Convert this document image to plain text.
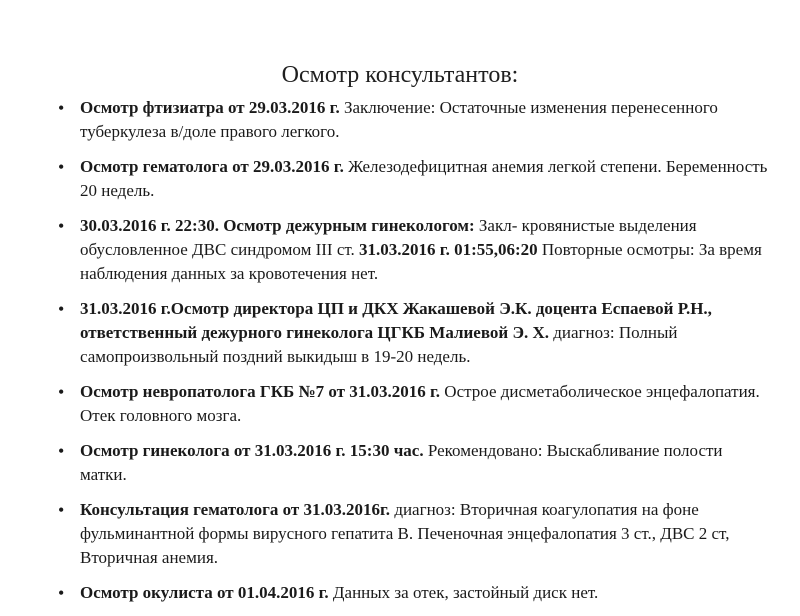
Осмотр консультантов:
• Осмотр фтизиатра от 29.03.2016 г. Заключение: Остаточные изменения перенесенного туберкулеза в/доле правого легкого.
• Осмотр гематолога от 29.03.2016 г. Железодефицитная анемия легкой степени. Беременность 20 недель.
• 30.03.2016 г. 22:30. Осмотр дежурным гинекологом: Закл- кровянистые выделения обусловленное ДВС синдромом III ст. 31.03.2016 г. 01:55,06:20 Повторные осмотры: За время наблюдения данных за кровотечения нет.
• 31.03.2016 г.Осмотр директора ЦП и ДКХ Жакашевой Э.К. доцента Еспаевой Р.Н., ответственный дежурного гинеколога ЦГКБ Малиевой Э. Х. диагноз: Полный самопроизвольный поздний выкидыш в 19-20 недель.
• Осмотр невропатолога ГКБ №7 от 31.03.2016 г. Острое дисметаболическое энцефалопатия. Отек головного мозга.
• Осмотр гинеколога от 31.03.2016 г. 15:30 час. Рекомендовано: Выскабливание полости матки.
• Консультация гематолога от 31.03.2016г. диагноз: Вторичная коагулопатия на фоне фульминантной формы вирусного гепатита В. Печеночная энцефалопатия 3 ст., ДВС 2 ст, Вторичная анемия.
• Осмотр окулиста от 01.04.2016 г. Данных за отек, застойный диск нет.
